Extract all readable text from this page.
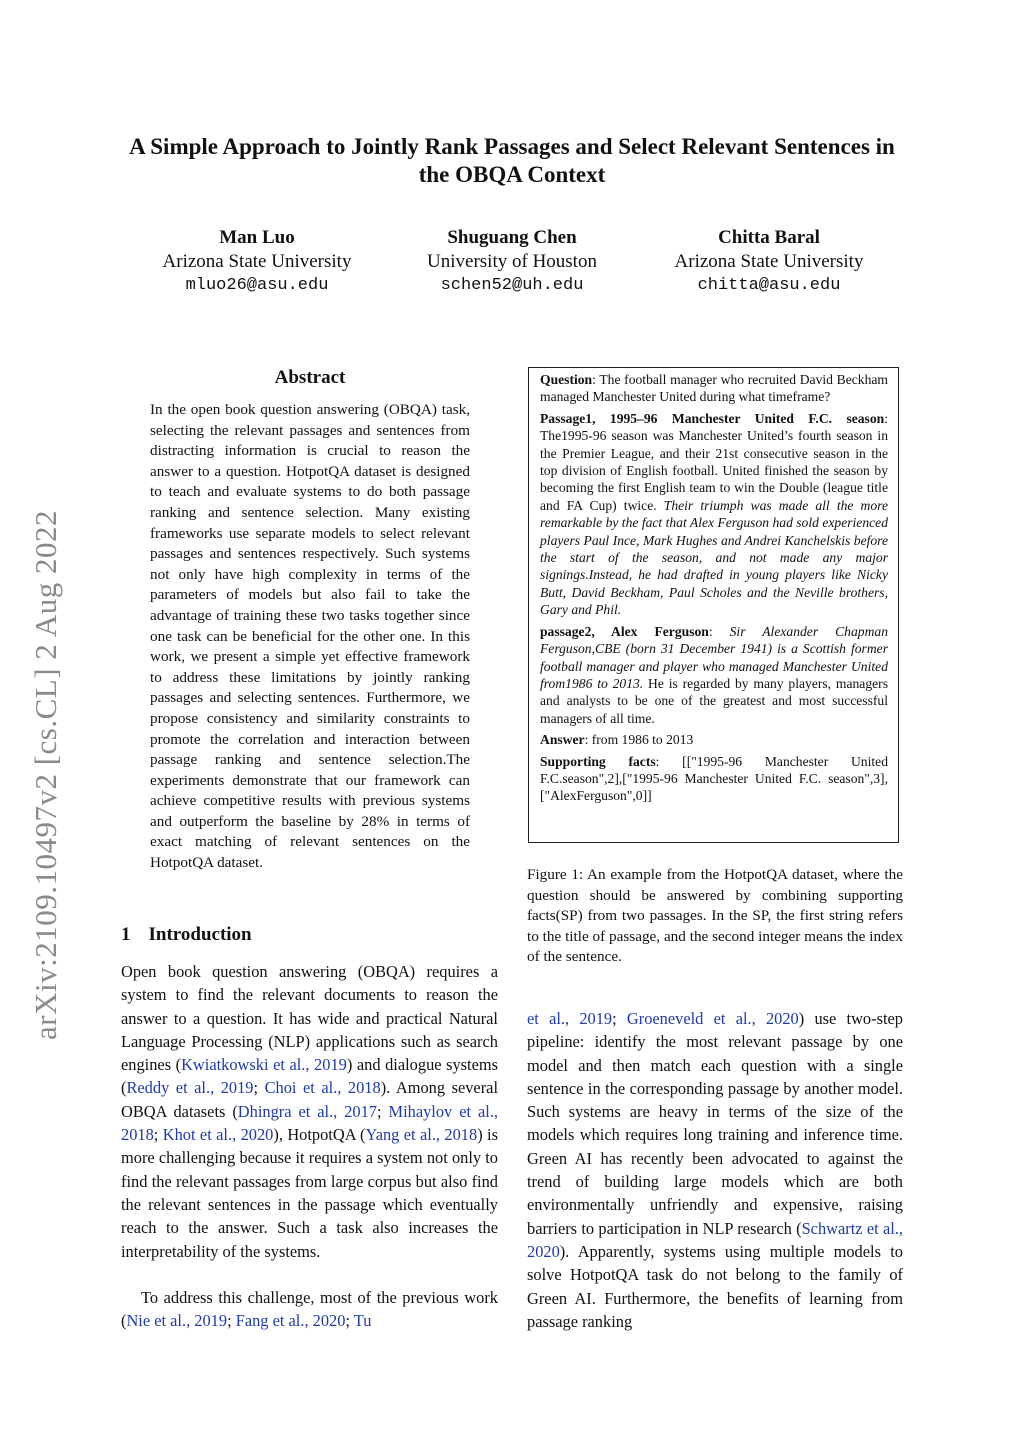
arXiv:2109.10497v2 [cs.CL] 2 Aug 2022
A Simple Approach to Jointly Rank Passages and Select Relevant Sentences in the OBQA Context
Man Luo
Arizona State University
mluo26@asu.edu
Shuguang Chen
University of Houston
schen52@uh.edu
Chitta Baral
Arizona State University
chitta@asu.edu
Abstract

In the open book question answering (OBQA) task, selecting the relevant passages and sentences from distracting information is crucial to reason the answer to a question. HotpotQA dataset is designed to teach and evaluate systems to do both passage ranking and sentence selection. Many existing frameworks use separate models to select relevant passages and sentences respectively. Such systems not only have high complexity in terms of the parameters of models but also fail to take the advantage of training these two tasks together since one task can be beneficial for the other one. In this work, we present a simple yet effective framework to address these limitations by jointly ranking passages and selecting sentences. Furthermore, we propose consistency and similarity constraints to promote the correlation and interaction between passage ranking and sentence selection.The experiments demonstrate that our framework can achieve competitive results with previous systems and outperform the baseline by 28% in terms of exact matching of relevant sentences on the HotpotQA dataset.

1 Introduction

Open book question answering (OBQA) requires a system to find the relevant documents to reason the answer to a question. It has wide and practical Natural Language Processing (NLP) applications such as search engines (Kwiatkowski et al., 2019) and dialogue systems (Reddy et al., 2019; Choi et al., 2018). Among several OBQA datasets (Dhingra et al., 2017; Mihaylov et al., 2018; Khot et al., 2020), HotpotQA (Yang et al., 2018) is more challenging because it requires a system not only to find the relevant passages from large corpus but also find the relevant sentences in the passage which eventually reach to the answer. Such a task also increases the interpretability of the systems.

To address this challenge, most of the previous work (Nie et al., 2019; Fang et al., 2020; Tu

Question: The football manager who recruited David Beckham managed Manchester United during what timeframe?

Passage1, 1995–96 Manchester United F.C. season: The1995-96 season was Manchester United’s fourth season in the Premier League, and their 21st consecutive season in the top division of English football. United finished the season by becoming the first English team to win the Double (league title and FA Cup) twice. Their triumph was made all the more remarkable by the fact that Alex Ferguson had sold experienced players Paul Ince, Mark Hughes and Andrei Kanchelskis before the start of the season, and not made any major signings.Instead, he had drafted in young players like Nicky Butt, David Beckham, Paul Scholes and the Neville brothers, Gary and Phil.

passage2, Alex Ferguson: Sir Alexander Chapman Ferguson,CBE (born 31 December 1941) is a Scottish former football manager and player who managed Manchester United from1986 to 2013. He is regarded by many players, managers and analysts to be one of the greatest and most successful managers of all time.

Answer: from 1986 to 2013

Supporting facts: [["1995-96 Manchester United F.C.season",2],["1995-96 Manchester United F.C. season",3],["AlexFerguson",0]]

Figure 1: An example from the HotpotQA dataset, where the question should be answered by combining supporting facts(SP) from two passages. In the SP, the first string refers to the title of passage, and the second integer means the index of the sentence.

et al., 2019; Groeneveld et al., 2020) use two-step pipeline: identify the most relevant passage by one model and then match each question with a single sentence in the corresponding passage by another model. Such systems are heavy in terms of the size of the models which requires long training and inference time. Green AI has recently been advocated to against the trend of building large models which are both environmentally unfriendly and expensive, raising barriers to participation in NLP research (Schwartz et al., 2020). Apparently, systems using multiple models to solve HotpotQA task do not belong to the family of Green AI. Furthermore, the benefits of learning from passage ranking
